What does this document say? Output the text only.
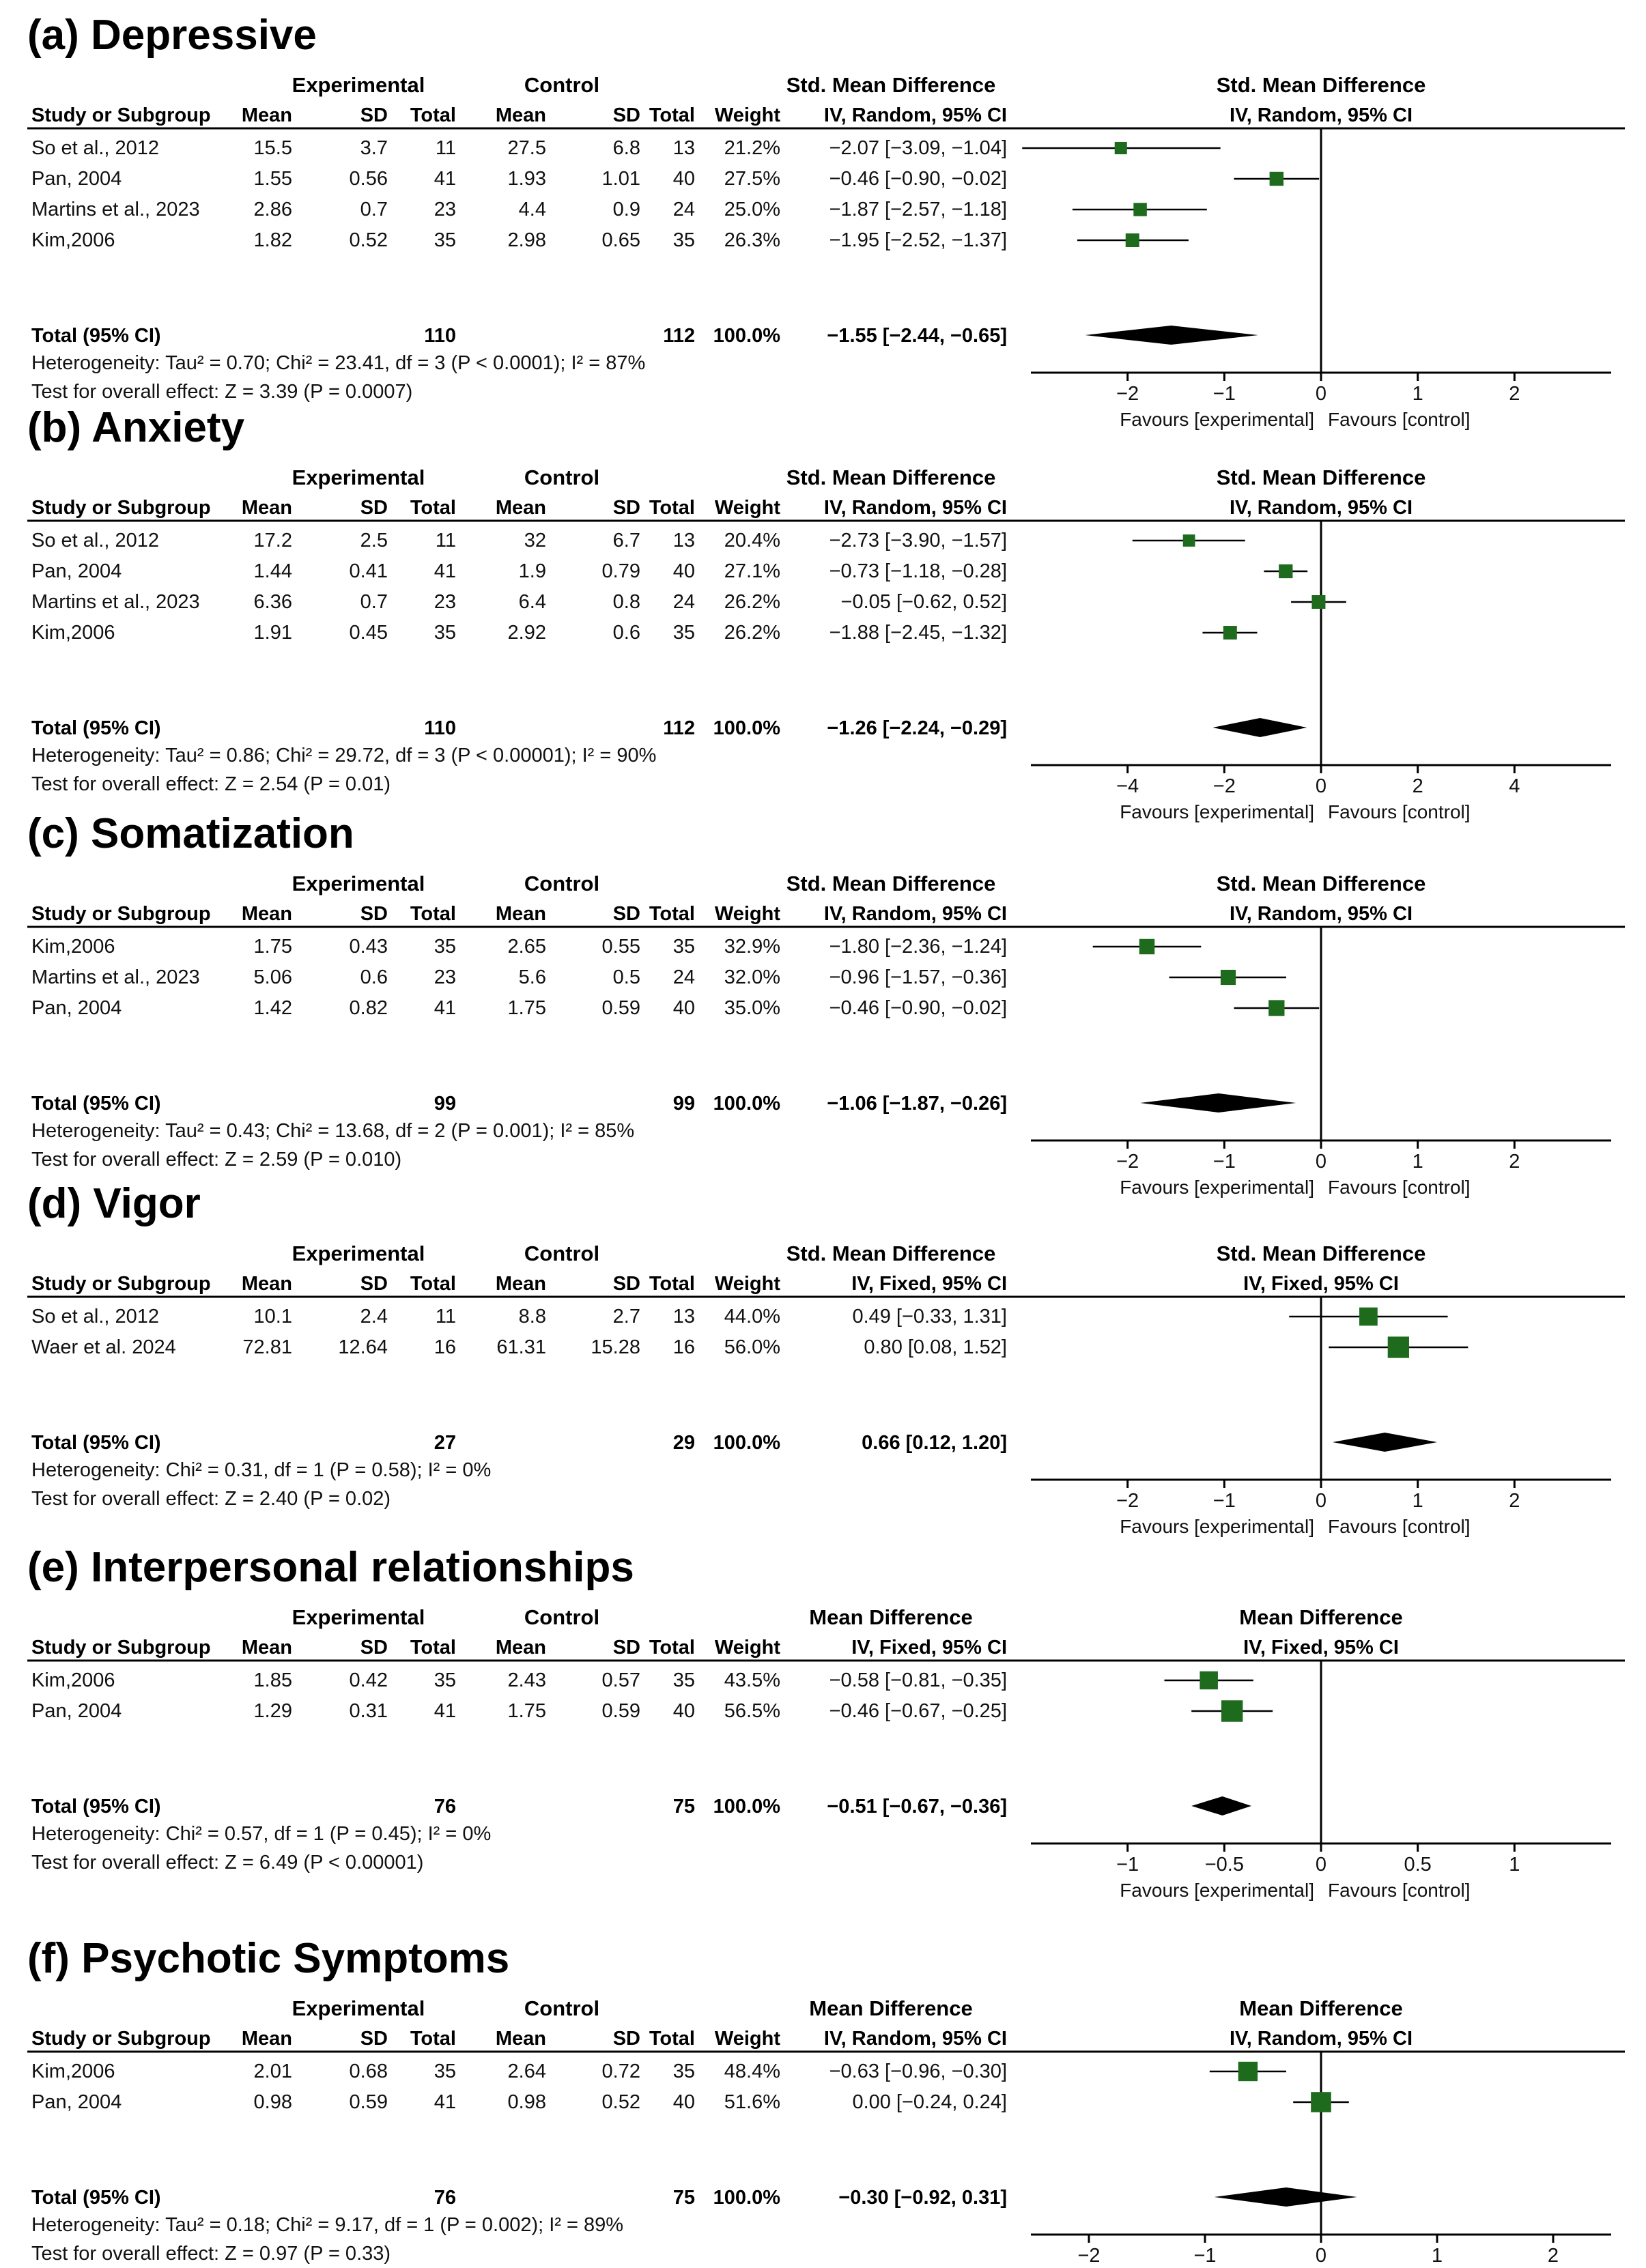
(a) Depressive
Experimental	Control	Std. Mean Difference	Std. Mean Difference
Study or Subgroup Mean	SD Total Mean	SD Total Weight IV, Random, 95% CI	IV, Random, 95% CI
So et al., 2012	15.5	3.7 11	27.5	6.8 13 21.2% −2.07 [−3.09, −1.04]
Pan, 2004	1.55	0.56 41	1.93	1.01 40 27.5% −0.46 [−0.90, −0.02]
Martins et al., 2023	2.86	0.7 23	4.4	0.9 24 25.0% −1.87 [−2.57, −1.18]
Kim,2006	1.82	0.52 35	2.98	0.65 35 26.3% −1.95 [−2.52, −1.37]
Total (95% CI)	110	112 100.0% −1.55 [−2.44, −0.65]
Heterogeneity: Tau² = 0.70; Chi² = 23.41, df = 3 (P < 0.0001); I² = 87%
Test for overall effect: Z = 3.39 (P = 0.0007)	−2	−1	0	1	2
Favours [experimental] Favours [control]
(b) Anxiety
Experimental	Control	Std. Mean Difference	Std. Mean Difference
Study or Subgroup Mean	SD Total Mean	SD Total Weight IV, Random, 95% CI	IV, Random, 95% CI
So et al., 2012	17.2	2.5 11	32	6.7 13 20.4% −2.73 [−3.90, −1.57]
Pan, 2004	1.44	0.41 41	1.9	0.79 40 27.1% −0.73 [−1.18, −0.28]
Martins et al., 2023	6.36	0.7 23	6.4	0.8 24 26.2%	−0.05 [−0.62, 0.52]
Kim,2006	1.91	0.45 35	2.92	0.6 35 26.2% −1.88 [−2.45, −1.32]
Total (95% CI)	110	112 100.0% −1.26 [−2.24, −0.29]
Heterogeneity: Tau² = 0.86; Chi² = 29.72, df = 3 (P < 0.00001); I² = 90%
Test for overall effect: Z = 2.54 (P = 0.01)	−4	−2	0	2	4
Favours [experimental] Favours [control]
(c) Somatization
Experimental	Control	Std. Mean Difference	Std. Mean Difference
Study or Subgroup Mean	SD Total Mean	SD Total Weight IV, Random, 95% CI	IV, Random, 95% CI
Kim,2006	1.75	0.43 35	2.65	0.55 35 32.9% −1.80 [−2.36, −1.24]
Martins et al., 2023	5.06	0.6 23	5.6	0.5 24 32.0% −0.96 [−1.57, −0.36]
Pan, 2004	1.42	0.82 41	1.75	0.59 40 35.0% −0.46 [−0.90, −0.02]
Total (95% CI)	99	99 100.0% −1.06 [−1.87, −0.26]
Heterogeneity: Tau² = 0.43; Chi² = 13.68, df = 2 (P = 0.001); I² = 85%
Test for overall effect: Z = 2.59 (P = 0.010)	−2	−1	0	1	2
Favours [experimental] Favours [control]
(d) Vigor
Experimental	Control	Std. Mean Difference	Std. Mean Difference
Study or Subgroup Mean	SD Total Mean	SD Total Weight	IV, Fixed, 95% CI	IV, Fixed, 95% CI
So et al., 2012	10.1	2.4 11	8.8	2.7 13 44.0%	0.49 [−0.33, 1.31]
Waer et al. 2024	72.81 12.64 16 61.31 15.28 16 56.0%	0.80 [0.08, 1.52]
Total (95% CI)	27	29 100.0%	0.66 [0.12, 1.20]
Heterogeneity: Chi² = 0.31, df = 1 (P = 0.58); I² = 0%
Test for overall effect: Z = 2.40 (P = 0.02)	−2	−1	0	1	2
Favours [experimental] Favours [control]
(e) Interpersonal relationships
Experimental	Control	Mean Difference	Mean Difference
Study or Subgroup Mean	SD Total Mean	SD Total Weight	IV, Fixed, 95% CI	IV, Fixed, 95% CI
Kim,2006	1.85	0.42 35	2.43	0.57 35 43.5% −0.58 [−0.81, −0.35]
Pan, 2004	1.29	0.31 41	1.75	0.59 40 56.5% −0.46 [−0.67, −0.25]
Total (95% CI)	76	75 100.0% −0.51 [−0.67, −0.36]
Heterogeneity: Chi² = 0.57, df = 1 (P = 0.45); I² = 0%
Test for overall effect: Z = 6.49 (P < 0.00001)	−1	−0.5	0	0.5	1
Favours [experimental] Favours [control]
(f) Psychotic Symptoms
Experimental	Control	Mean Difference	Mean Difference
Study or Subgroup Mean	SD Total Mean	SD Total Weight IV, Random, 95% CI	IV, Random, 95% CI
Kim,2006	2.01	0.68 35	2.64	0.72 35 48.4% −0.63 [−0.96, −0.30]
Pan, 2004	0.98	0.59 41	0.98	0.52 40 51.6%	0.00 [−0.24, 0.24]
Total (95% CI)	76	75 100.0%	−0.30 [−0.92, 0.31]
Heterogeneity: Tau² = 0.18; Chi² = 9.17, df = 1 (P = 0.002); I² = 89%
Test for overall effect: Z = 0.97 (P = 0.33)	−2	−1	0	1	2
